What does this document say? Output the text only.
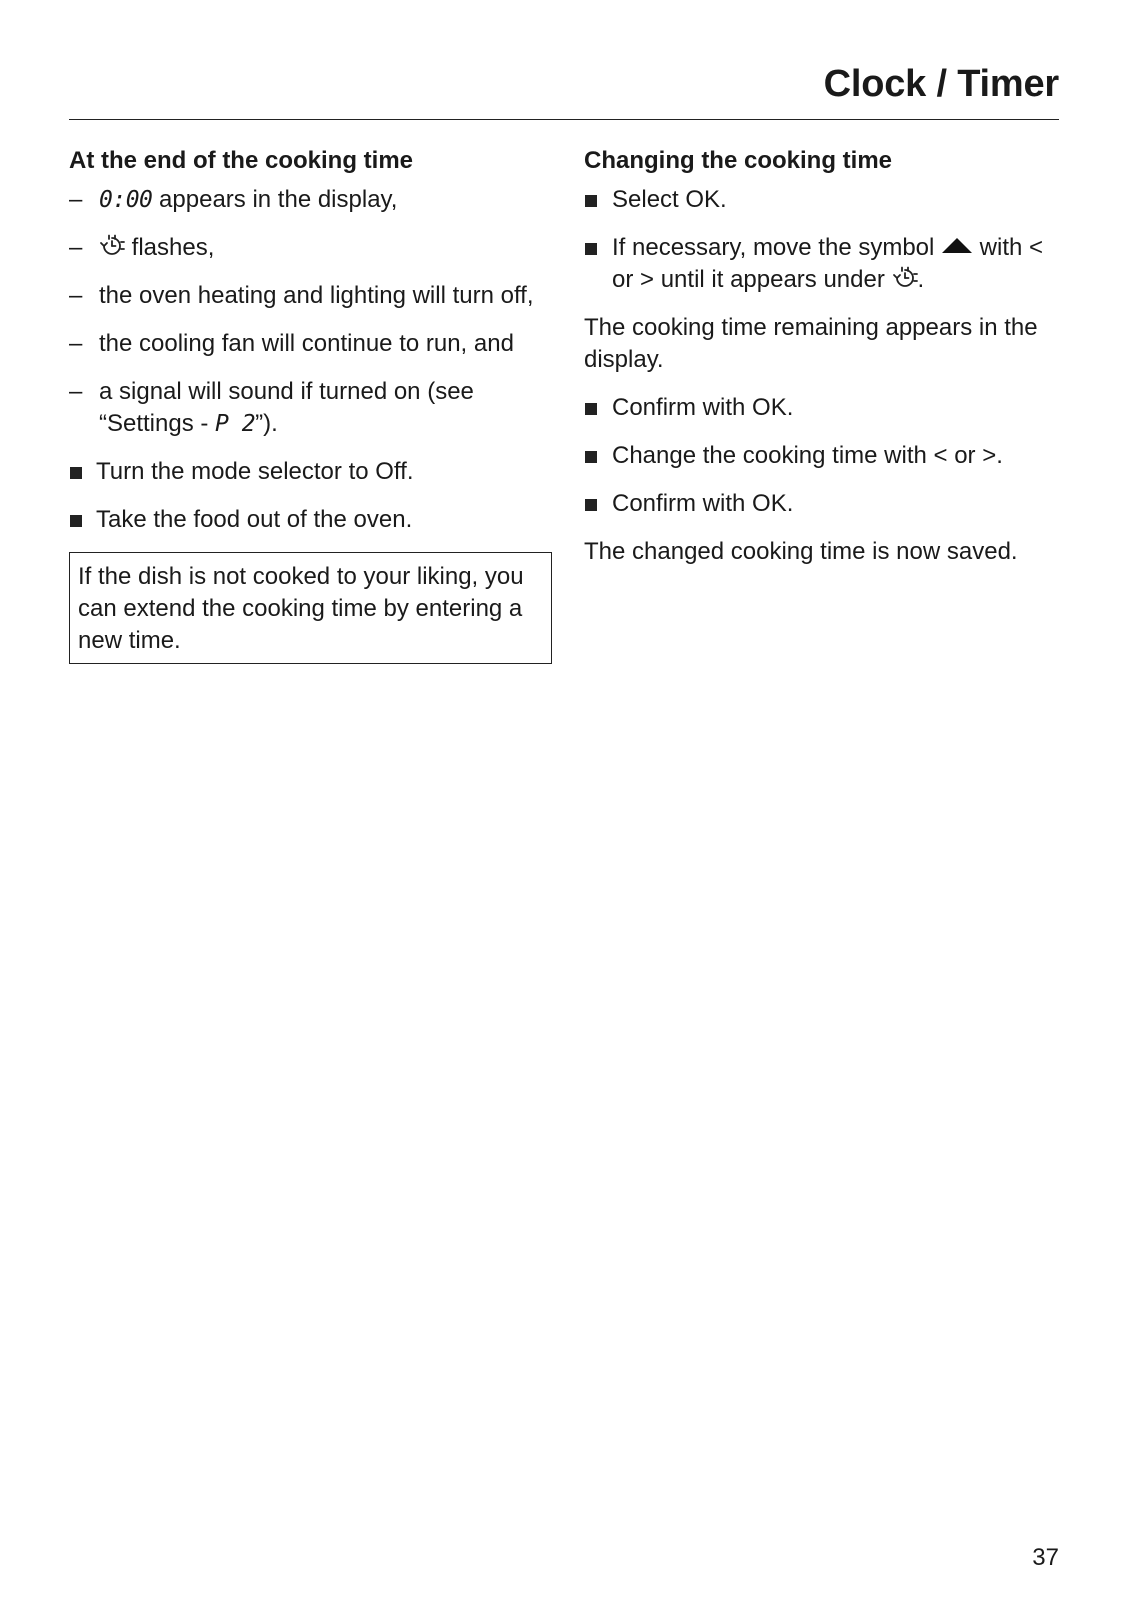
Clock / Timer
At the end of the cooking time
– 0:00 appears in the display,
– flashes,
– the oven heating and lighting will turn off,
– the cooling fan will continue to run, and
– a signal will sound if turned on (see “Settings - P 2”).
Turn the mode selector to Off.
Take the food out of the oven.
If the dish is not cooked to your liking, you can extend the cooking time by entering a new time.
Changing the cooking time
Select OK.
If necessary, move the symbol  with < or > until it appears under .

The cooking time remaining appears in the display.

Confirm with OK.
Change the cooking time with < or >.
Confirm with OK.

The changed cooking time is now saved.

37
